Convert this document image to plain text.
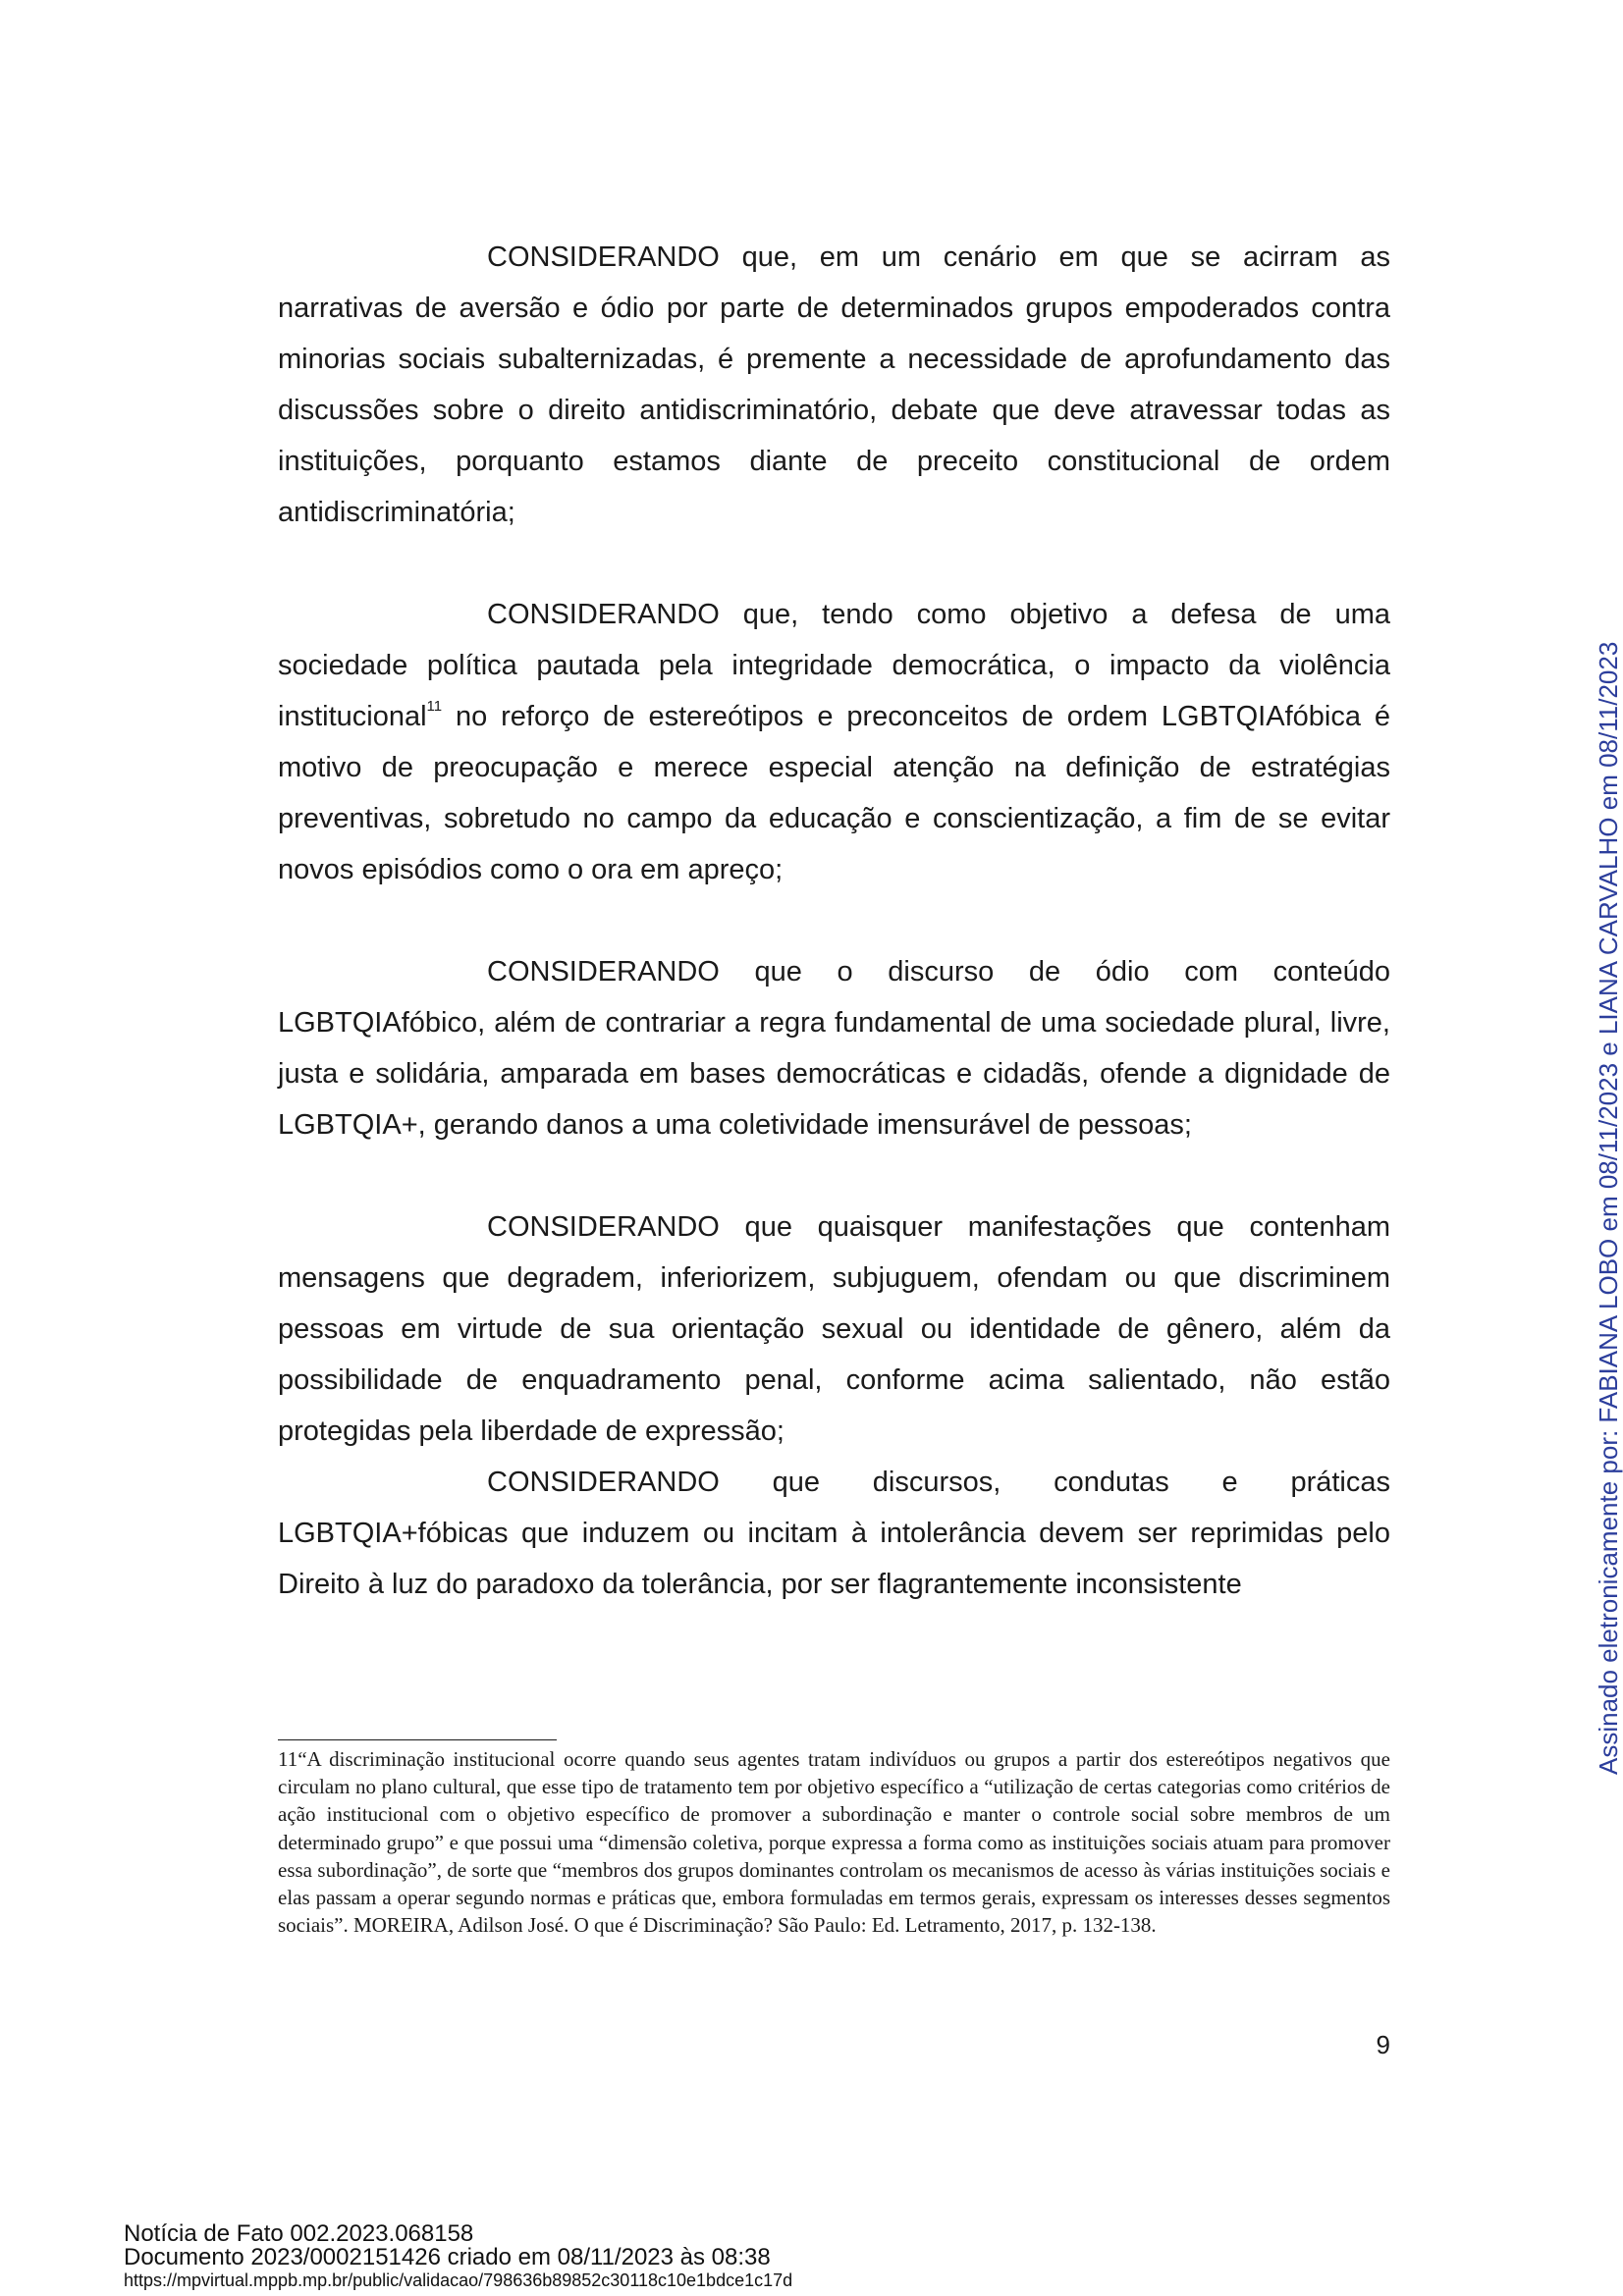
CONSIDERANDO que, em um cenário em que se acirram as narrativas de aversão e ódio por parte de determinados grupos empoderados contra minorias sociais subalternizadas, é premente a necessidade de aprofundamento das discussões sobre o direito antidiscriminatório, debate que deve atravessar todas as instituições, porquanto estamos diante de preceito constitucional de ordem antidiscriminatória;

CONSIDERANDO que, tendo como objetivo a defesa de uma sociedade política pautada pela integridade democrática, o impacto da violência institucional$^{11}$ no reforço de estereótipos e preconceitos de ordem LGBTQIAfóbica é motivo de preocupação e merece especial atenção na definição de estratégias preventivas, sobretudo no campo da educação e conscientização, a fim de se evitar novos episódios como o ora em apreço;

CONSIDERANDO que o discurso de ódio com conteúdo LGBTQIAfóbico, além de contrariar a regra fundamental de uma sociedade plural, livre, justa e solidária, amparada em bases democráticas e cidadãs, ofende a dignidade de LGBTQIA+, gerando danos a uma coletividade imensurável de pessoas;

CONSIDERANDO que quaisquer manifestações que contenham mensagens que degradem, inferiorizem, subjuguem, ofendam ou que discriminem pessoas em virtude de sua orientação sexual ou identidade de gênero, além da possibilidade de enquadramento penal, conforme acima salientado, não estão protegidas pela liberdade de expressão;

CONSIDERANDO que discursos, condutas e práticas LGBTQIA+fóbicas que induzem ou incitam à intolerância devem ser reprimidas pelo Direito à luz do paradoxo da tolerância, por ser flagrantemente inconsistente

11“A discriminação institucional ocorre quando seus agentes tratam indivíduos ou grupos a partir dos estereótipos negativos que circulam no plano cultural, que esse tipo de tratamento tem por objetivo específico a “utilização de certas categorias como critérios de ação institucional com o objetivo específico de promover a subordinação e manter o controle social sobre membros de um determinado grupo” e que possui uma “dimensão coletiva, porque expressa a forma como as instituições sociais atuam para promover essa subordinação”, de sorte que “membros dos grupos dominantes controlam os mecanismos de acesso às várias instituições sociais e elas passam a operar segundo normas e práticas que, embora formuladas em termos gerais, expressam os interesses desses segmentos sociais”. MOREIRA, Adilson José. O que é Discriminação? São Paulo: Ed. Letramento, 2017, p. 132-138.

9
Assinado eletronicamente por: FABIANA LOBO em 08/11/2023 e LIANA CARVALHO em 08/11/2023
Notícia de Fato 002.2023.068158
Documento 2023/0002151426 criado em 08/11/2023 às 08:38
https://mpvirtual.mppb.mp.br/public/validacao/798636b89852c30118c10e1bdce1c17d
